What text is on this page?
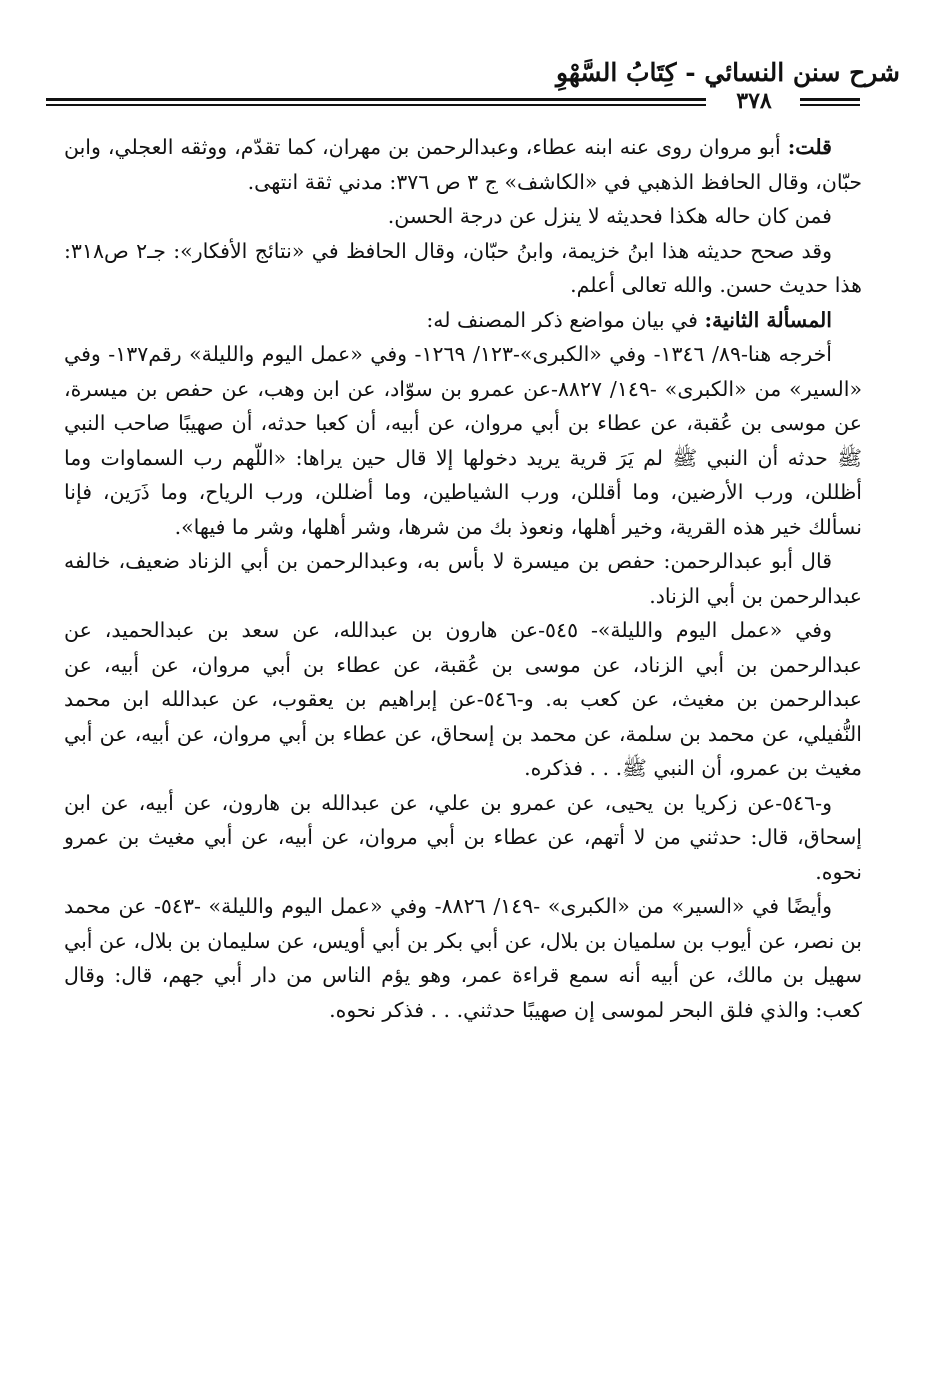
شرح سنن النسائي - كِتَابُ السَّهْوِ
٣٧٨

قلت: أبو مروان روى عنه ابنه عطاء، وعبدالرحمن بن مهران، كما تقدّم، ووثقه العجلي، وابن حبّان، وقال الحافظ الذهبي في «الكاشف» ج ٣ ص ٣٧٦: مدني ثقة انتهى.

فمن كان حاله هكذا فحديثه لا ينزل عن درجة الحسن.

وقد صحح حديثه هذا ابنُ خزيمة، وابنُ حبّان، وقال الحافظ في «نتائج الأفكار»: جـ٢ ص٣١٨: هذا حديث حسن. والله تعالى أعلم.

المسألة الثانية: في بيان مواضع ذكر المصنف له:

أخرجه هنا-٨٩/ ١٣٤٦- وفي «الكبرى»-١٢٣/ ١٢٦٩- وفي «عمل اليوم والليلة» رقم١٣٧- وفي «السير» من «الكبرى» -١٤٩/ ٨٨٢٧-عن عمرو بن سوّاد، عن ابن وهب، عن حفص بن ميسرة، عن موسى بن عُقبة، عن عطاء بن أبي مروان، عن أبيه، أن كعبا حدثه، أن صهيبًا صاحب النبي ﷺ حدثه أن النبي ﷺ لم يَرَ قرية يريد دخولها إلا قال حين يراها: «اللّهم رب السماوات وما أظللن، ورب الأرضين، وما أقللن، ورب الشياطين، وما أضللن، ورب الرياح، وما ذَرَين، فإنا نسألك خير هذه القرية، وخير أهلها، ونعوذ بك من شرها، وشر أهلها، وشر ما فيها».

قال أبو عبدالرحمن: حفص بن ميسرة لا بأس به، وعبدالرحمن بن أبي الزناد ضعيف، خالفه عبدالرحمن بن أبي الزناد.

وفي «عمل اليوم والليلة»- ٥٤٥-عن هارون بن عبدالله، عن سعد بن عبدالحميد، عن عبدالرحمن بن أبي الزناد، عن موسى بن عُقبة، عن عطاء بن أبي مروان، عن أبيه، عن عبدالرحمن بن مغيث، عن كعب به. و-٥٤٦-عن إبراهيم بن يعقوب، عن عبدالله ابن محمد النُّفيلي، عن محمد بن سلمة، عن محمد بن إسحاق، عن عطاء بن أبي مروان، عن أبيه، عن أبي مغيث بن عمرو، أن النبي ﷺ. . . فذكره.

و-٥٤٦-عن زكريا بن يحيى، عن عمرو بن علي، عن عبدالله بن هارون، عن أبيه، عن ابن إسحاق، قال: حدثني من لا أتهم، عن عطاء بن أبي مروان، عن أبيه، عن أبي مغيث بن عمرو نحوه.

وأيضًا في «السير» من «الكبرى» -١٤٩/ ٨٨٢٦- وفي «عمل اليوم والليلة» -٥٤٣- عن محمد بن نصر، عن أيوب بن سلميان بن بلال، عن أبي بكر بن أبي أويس، عن سليمان بن بلال، عن أبي سهيل بن مالك، عن أبيه أنه سمع قراءة عمر، وهو يؤم الناس من دار أبي جهم، قال: وقال كعب: والذي فلق البحر لموسى إن صهيبًا حدثني. . . فذكر نحوه.
